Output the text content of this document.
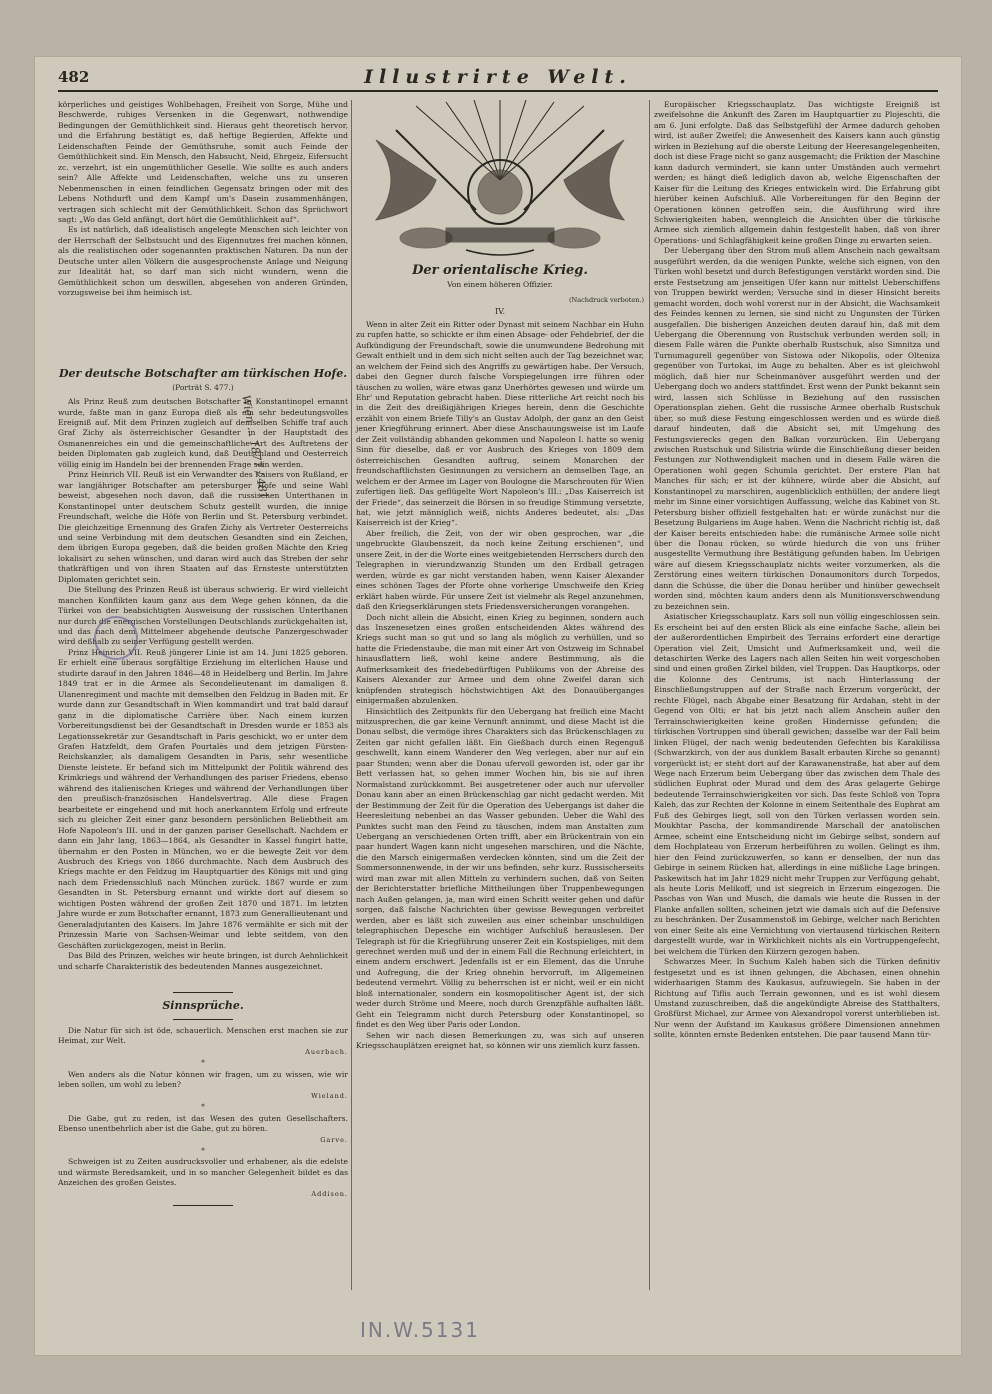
482	Illustrirte Welt.

körperliches und geistiges Wohlbehagen, Freiheit von Sorge, Mühe und Beschwerde, ruhiges Versenken in die Gegenwart, nothwendige Bedingungen der Gemüthlichkeit sind. Hieraus geht theoretisch hervor, und die Erfahrung bestätigt es, daß heftige Begierden, Affekte und Leidenschaften Feinde der Gemüthsruhe, somit auch Feinde der Gemüthlichkeit sind. Ein Mensch, den Habsucht, Neid, Ehrgeiz, Eifersucht zc. verzehrt, ist ein ungemüthlicher Geselle. Wie sollte es auch anders sein? Alle Affekte und Leidenschaften, welche uns zu unseren Nebenmenschen in einen feindlichen Gegensatz bringen oder mit des Lebens Nothdurft und dem Kampf um's Dasein zusammenhängen, vertragen sich schlecht mit der Gemüthlichkeit. Schon das Sprüchwort sagt: „Wo das Geld anfängt, dort hört die Gemüthlichkeit auf“.

Es ist natürlich, daß idealistisch angelegte Menschen sich leichter von der Herrschaft der Selbstsucht und des Eigennutzes frei machen können, als die realistischen oder sogenannten praktischen Naturen. Da nun der Deutsche unter allen Völkern die ausgesprochenste Anlage und Neigung zur Idealität hat, so darf man sich nicht wundern, wenn die Gemüthlichkeit schon um deswillen, abgesehen von anderen Gründen, vorzugsweise bei ihm heimisch ist.

Der deutsche Botschafter am türkischen Hofe.
(Porträt S. 477.)

Als Prinz Reuß zum deutschen Botschafter in Konstantinopel ernannt wurde, faßte man in ganz Europa dieß als ein sehr bedeutungsvolles Ereigniß auf. Mit dem Prinzen zugleich auf demselben Schiffe traf auch Graf Zichy als österreichischer Gesandter in der Hauptstadt des Osmanenreiches ein und die gemeinschaftliche Art des Auftretens der beiden Diplomaten gab zugleich kund, daß Deutschland und Oesterreich völlig einig im Handeln bei der brennenden Frage sein werden.

Prinz Heinrich VII. Reuß ist ein Verwandter des Kaisers von Rußland, er war langjähriger Botschafter am petersburger Hofe und seine Wahl beweist, abgesehen noch davon, daß die russischen Unterthanen in Konstantinopel unter deutschem Schutz gestellt wurden, die innige Freundschaft, welche die Höfe von Berlin und St. Petersburg verbindet. Die gleichzeitige Ernennung des Grafen Zichy als Vertreter Oesterreichs und seine Verbindung mit dem deutschen Gesandten sind ein Zeichen, dem übrigen Europa gegeben, daß die beiden großen Mächte den Krieg lokalisirt zu sehen wünschen, und daran wird auch das Streben der sehr thatkräftigen und von ihren Staaten auf das Ernsteste unterstützten Diplomaten gerichtet sein.

Die Stellung des Prinzen Reuß ist überaus schwierig. Er wird vielleicht manchen Konflikten kaum ganz aus dem Wege gehen können, da die Türkei von der beabsichtigten Ausweisung der russischen Unterthanen nur durch die energischen Vorstellungen Deutschlands zurückgehalten ist, und das nach dem Mittelmeer abgehende deutsche Panzergeschwader wird deßhalb zu seiner Verfügung gestellt werden.

Prinz Heinrich VII. Reuß jüngerer Linie ist am 14. Juni 1825 geboren. Er erhielt eine überaus sorgfältige Erziehung im elterlichen Hause und studirte darauf in den Jahren 1846—48 in Heidelberg und Berlin. Im Jahre 1849 trat er in die Armee als Secondelieutenant im damaligen 8. Ulanenregiment und machte mit demselben den Feldzug in Baden mit. Er wurde dann zur Gesandtschaft in Wien kommandirt und trat bald darauf ganz in die diplomatische Carrière über. Nach einem kurzen Vorbereitungsdienst bei der Gesandtschaft in Dresden wurde er 1853 als Legationssekretär zur Gesandtschaft in Paris geschickt, wo er unter dem Grafen Hatzfeldt, dem Grafen Pourtalès und dem jetzigen Fürsten-Reichskanzler, als damaligem Gesandten in Paris, sehr wesentliche Dienste leistete. Er befand sich im Mittelpunkt der Politik während des Krimkriegs und während der Verhandlungen des pariser Friedens, ebenso während des italienischen Krieges und während der Verhandlungen über den preußisch-französischen Handelsvertrag. Alle diese Fragen bearbeitete er eingehend und mit hoch anerkanntem Erfolg und erfreute sich zu gleicher Zeit einer ganz besondern persönlichen Beliebtheit am Hofe Napoleon's III. und in der ganzen pariser Gesellschaft. Nachdem er dann ein Jahr lang, 1863—1864, als Gesandter in Kassel fungirt hatte, übernahm er den Posten in München, wo er die bewegte Zeit vor dem Ausbruch des Kriegs von 1866 durchmachte. Nach dem Ausbruch des Kriegs machte er den Feldzug im Hauptquartier des Königs mit und ging nach dem Friedensschluß nach München zurück. 1867 wurde er zum Gesandten in St. Petersburg ernannt und wirkte dort auf diesem so wichtigen Posten während der großen Zeit 1870 und 1871. Im letzten Jahre wurde er zum Botschafter ernannt, 1873 zum Generallieutenant und Generaladjutanten des Kaisers. Im Jahre 1876 vermählte er sich mit der Prinzessin Marie von Sachsen-Weimar und lebte seitdem, von den Geschäften zurückgezogen, meist in Berlin.

Das Bild des Prinzen, welches wir heute bringen, ist durch Aehnlichkeit und scharfe Charakteristik des bedeutenden Mannes ausgezeichnet.

Sinnsprüche.

Die Natur für sich ist öde, schauerlich. Menschen erst machen sie zur Heimat, zur Welt.

Auerbach.
*

Wen anders als die Natur können wir fragen, um zu wissen, wie wir leben sollen, um wohl zu leben?

Wieland.
*

Die Gabe, gut zu reden, ist das Wesen des guten Gesellschafters. Ebenso unentbehrlich aber ist die Gabe, gut zu hören.

Garve.
*

Schweigen ist zu Zeiten ausdrucksvoller und erhabener, als die edelste und wärmste Beredsamkeit, und in so mancher Gelegenheit bildet es das Anzeichen des großen Geistes.

Addison.
Der orientalische Krieg.
Von einem höheren Offizier.
(Nachdruck verboten.)
IV.

Wenn in alter Zeit ein Ritter oder Dynast mit seinem Nachbar ein Huhn zu rupfen hatte, so schickte er ihm einen Absage- oder Fehdebrief, der die Aufkündigung der Freundschaft, sowie die unumwundene Bedrohung mit Gewalt enthielt und in dem sich nicht selten auch der Tag bezeichnet war, an welchem der Feind sich des Angriffs zu gewärtigen habe. Der Versuch, dabei den Gegner durch falsche Vorspiegelungen irre führen oder täuschen zu wollen, wäre etwas ganz Unerhörtes gewesen und würde um Ehr' und Reputation gebracht haben. Diese ritterliche Art reicht noch bis in die Zeit des dreißigjährigen Krieges herein, denn die Geschichte erzählt von einem Briefe Tilly's an Gustav Adolph, der ganz an den Geist jener Kriegführung erinnert. Aber diese Anschauungsweise ist im Laufe der Zeit vollständig abhanden gekommen und Napoleon I. hatte so wenig Sinn für dieselbe, daß er vor Ausbruch des Krieges von 1809 dem österreichischen Gesandten auftrug, seinem Monarchen der freundschaftlichsten Gesinnungen zu versichern an demselben Tage, an welchem er der Armee im Lager von Boulogne die Marschrouten für Wien zufertigen ließ. Das geflügelte Wort Napoleon's III.: „Das Kaiserreich ist der Friede“, das seinerzeit die Börsen in so freudige Stimmung versetzte, hat, wie jetzt männiglich weiß, nichts Anderes bedeutet, als: „Das Kaiserreich ist der Krieg“.

Aber freilich, die Zeit, von der wir oben gesprochen, war „die ungebruckte Glaubenszeit, da noch keine Zeitung erschienen“, und unsere Zeit, in der die Worte eines weitgebietenden Herrschers durch den Telegraphen in vierundzwanzig Stunden um den Erdball getragen werden, würde es gar nicht verstanden haben, wenn Kaiser Alexander eines schönen Tages der Pforte ohne vorherige Umschweife den Krieg erklärt haben würde. Für unsere Zeit ist vielmehr als Regel anzunehmen, daß den Kriegserklärungen stets Friedensversicherungen vorangehen.

Doch nicht allein die Absicht, einen Krieg zu beginnen, sondern auch das Inszenesetzen eines großen entscheidenden Aktes während des Kriegs sucht man so gut und so lang als möglich zu verhüllen, und so hatte die Friedenstaube, die man mit einer Art von Ostzweig im Schnabel hinausflattern ließ, wohl keine andere Bestimmung, als die Aufmerksamkeit des friedebedürftigen Publikums von der Abreise des Kaisers Alexander zur Armee und dem ohne Zweifel daran sich knüpfenden strategisch höchstwichtigen Akt des Donauüberganges einigermaßen abzulenken.

Hinsichtlich des Zeitpunkts für den Uebergang hat freilich eine Macht mitzusprechen, die gar keine Vernunft annimmt, und diese Macht ist die Donau selbst, die vermöge ihres Charakters sich das Brückenschlagen zu Zeiten gar nicht gefallen läßt. Ein Gießbach durch einen Regenguß geschwellt, kann einem Wanderer den Weg verlegen, aber nur auf ein paar Stunden; wenn aber die Donau ufervoll geworden ist, oder gar ihr Bett verlassen hat, so gehen immer Wochen hin, bis sie auf ihren Normalstand zurückkommt. Bei ausgetretener oder auch nur ufervoller Donau kann aber an einen Brückenschlag gar nicht gedacht werden. Mit der Bestimmung der Zeit für die Operation des Uebergangs ist daher die Heeresleitung nebenbei an das Wasser gebunden. Ueber die Wahl des Punktes sucht man den Feind zu täuschen, indem man Anstalten zum Uebergang an verschiedenen Orten trifft, aber ein Brückentrain von ein paar hundert Wagen kann nicht ungesehen marschiren, und die Nächte, die den Marsch einigermaßen verdecken könnten, sind um die Zeit der Sommersonnenwende, in der wir uns befinden, sehr kurz. Russischerseits wird man zwar mit allen Mitteln zu verhindern suchen, daß von Seiten der Berichterstatter briefliche Mittheilungen über Truppenbewegungen nach Außen gelangen, ja, man wird einen Schritt weiter gehen und dafür sorgen, daß falsche Nachrichten über gewisse Bewegungen verbreitet werden, aber es läßt sich zuweilen aus einer scheinbar unschuldigen telegraphischen Depesche ein wichtiger Aufschluß herauslesen. Der Telegraph ist für die Kriegführung unserer Zeit ein Kostspieliges, mit dem gerechnet werden muß und der in einem Fall die Rechnung erleichtert, in einem andern erschwert. Jedenfalls ist er ein Element, das die Unruhe und Aufregung, die der Krieg ohnehin hervorruft, im Allgemeinen bedeutend vermehrt. Völlig zu beherrschen ist er nicht, weil er ein nicht bloß internationaler, sondern ein kosmopolitischer Agent ist, der sich weder durch Ströme und Meere, noch durch Grenzpfähle aufhalten läßt. Geht ein Telegramm nicht durch Petersburg oder Konstantinopel, so findet es den Weg über Paris oder London.

Sehen wir nach diesen Bemerkungen zu, was sich auf unseren Kriegsschauplätzen ereignet hat, so können wir uns ziemlich kurz fassen.

Europäischer Kriegsschauplatz. Das wichtigste Ereigniß ist zweifelsohne die Ankunft des Zaren im Hauptquartier zu Plojeschti, die am 6. Juni erfolgte. Daß das Selbstgefühl der Armee dadurch gehoben wird, ist außer Zweifel; die Anwesenheit des Kaisers kann auch günstig wirken in Beziehung auf die oberste Leitung der Heeresangelegenheiten, doch ist diese Frage nicht so ganz ausgemacht; die Friktion der Maschine kann dadurch vermindert, sie kann unter Umständen auch vermehrt werden; es hängt dieß lediglich davon ab, welche Eigenschaften der Kaiser für die Leitung des Krieges entwickeln wird. Die Erfahrung gibt hierüber keinen Aufschluß. Alle Vorbereitungen für den Beginn der Operationen können getroffen sein, die Ausführung wird ihre Schwierigkeiten haben, wenngleich die Ansichten über die türkische Armee sich ziemlich allgemein dahin festgestellt haben, daß von ihrer Operations- und Schlagfähigkeit keine großen Dinge zu erwarten seien.

Der Uebergang über den Strom muß allem Anschein nach gewaltsam ausgeführt werden, da die wenigen Punkte, welche sich eignen, von den Türken wohl besetzt und durch Befestigungen verstärkt worden sind. Die erste Festsetzung am jenseitigen Ufer kann nur mittelst Ueberschiffens von Truppen bewirkt werden; Versuche sind in dieser Hinsicht bereits gemacht worden, doch wohl vorerst nur in der Absicht, die Wachsamkeit des Feindes kennen zu lernen, sie sind nicht zu Ungunsten der Türken ausgefallen. Die bisherigen Anzeichen deuten darauf hin, daß mit dem Uebergang die Oberennung von Rustschuk verbunden werden soll; in diesem Falle wären die Punkte oberhalb Rustschuk, also Simnitza und Turnumagurell gegenüber von Sistowa oder Nikopolis, oder Olteniza gegenüber von Turtokai, im Auge zu behalten. Aber es ist gleichwohl möglich, daß hier nur Scheinmanöver ausgeführt werden und der Uebergang doch wo anders stattfindet. Erst wenn der Punkt bekannt sein wird, lassen sich Schlüsse in Beziehung auf den russischen Operationsplan ziehen. Geht die russische Armee oberhalb Rustschuk über, so muß diese Festung eingeschlossen werden und es würde dieß darauf hindeuten, daß die Absicht sei, mit Umgehung des Festungsvierecks gegen den Balkan vorzurücken. Ein Uebergang zwischen Rustschuk und Silistria würde die Einschließung dieser beiden Festungen zur Nothwendigkeit machen und in diesem Falle wären die Operationen wohl gegen Schumla gerichtet. Der erstere Plan hat Manches für sich; er ist der kühnere, würde aber die Absicht, auf Konstantinopel zu marschiren, augenblicklich enthüllen; der andere liegt mehr im Sinne einer vorsichtigen Auffassung, welche das Kabinet von St. Petersburg bisher offiziell festgehalten hat: er würde zunächst nur die Besetzung Bulgariens im Auge haben. Wenn die Nachricht richtig ist, daß der Kaiser bereits entschieden habe: die rumänische Armee solle nicht über die Donau rücken, so würde hiedurch die von uns früher ausgestellte Vermuthung ihre Bestätigung gefunden haben. Im Uebrigen wäre auf diesem Kriegsschauplatz nichts weiter vorzumerken, als die Zerstörung eines weitern türkischen Donaumonitors durch Torpedos, dann die Schüsse, die über die Donau herüber und hinüber gewechselt worden sind, möchten kaum anders denn als Munitionsverschwendung zu bezeichnen sein.

Asiatischer Kriegsschauplatz. Kars soll nun völlig eingeschlossen sein. Es erscheint bei auf den ersten Blick als eine einfache Sache, allein bei der außerordentlichen Empirbeit des Terrains erfordert eine derartige Operation viel Zeit, Umsicht und Aufmerksamkeit und, weil die detaschirten Werke des Lagers nach allen Seiten hin weit vorgeschoben sind und einen großen Zirkel bilden, viel Truppen. Das Hauptkorps, oder die Kolonne des Centrums, ist nach Hinterlassung der Einschließungstruppen auf der Straße nach Erzerum vorgerückt, der rechte Flügel, nach Abgabe einer Besatzung für Ardahan, steht in der Gegend von Olti; er hat bis jetzt nach allem Anschein außer den Terrainschwierigkeiten keine großen Hindernisse gefunden; die türkischen Vortruppen sind überall gewichen; dasselbe war der Fall beim linken Flügel, der nach wenig bedeutenden Gefechten bis Karakilissa (Schwarzkirch, von der aus dunklem Basalt erbauten Kirche so genannt) vorgerückt ist; er steht dort auf der Karawanenstraße, hat aber auf dem Wege nach Erzerum beim Uebergang über das zwischen dem Thale des südlichen Euphrat oder Murad und dem des Aras gelagerte Gebirge bedeutende Terrainschwierigkeiten vor sich. Das feste Schloß von Topra Kaleh, das zur Rechten der Kolonne in einem Seitenthale des Euphrat am Fuß des Gebirges liegt, soll von den Türken verlassen worden sein. Moukhtar Pascha, der kommandirende Marschall der anatolischen Armee, scheint eine Entscheidung nicht im Gebirge selbst, sondern auf dem Hochplateau von Erzerum herbeiführen zu wollen. Gelingt es ihm, hier den Feind zurückzuwerfen, so kann er denselben, der nun das Gebirge in seinem Rücken hat, allerdings in eine mißliche Lage bringen. Paskewitsch hat im Jahr 1829 nicht mehr Truppen zur Verfügung gehabt, als heute Loris Melikoff, und ist siegreich in Erzerum eingezogen. Die Paschas von Wan und Musch, die damals wie heute die Russen in der Flanke anfallen sollten, scheinen jetzt wie damals sich auf die Defensive zu beschränken. Der Zusammenstoß im Gebirge, welcher nach Berichten von einer Seite als eine Vernichtung von viertausend türkischen Reitern dargestellt wurde, war in Wirklichkeit nichts als ein Vortruppengefecht, bei welchem die Türken den Kürzern gezogen haben.

Schwarzes Meer. In Suchum Kaleh haben sich die Türken definitiv festgesetzt und es ist ihnen gelungen, die Abchasen, einen ohnehin widerhaarigen Stamm des Kaukasus, aufzuwiegeln. Sie haben in der Richtung auf Tiflis auch Terrain gewonnen, und es ist wohl diesem Umstand zuzuschreiben, daß die angekündigte Abreise des Statthalters, Großfürst Michael, zur Armee von Alexandropol vorerst unterblieben ist. Nur wenn der Aufstand im Kaukasus größere Dimensionen annehmen sollte, könnten ernste Bedenken entstehen. Die paar tausend Mann tür-

Wien ... 1877 / 481
IN.W.5131
